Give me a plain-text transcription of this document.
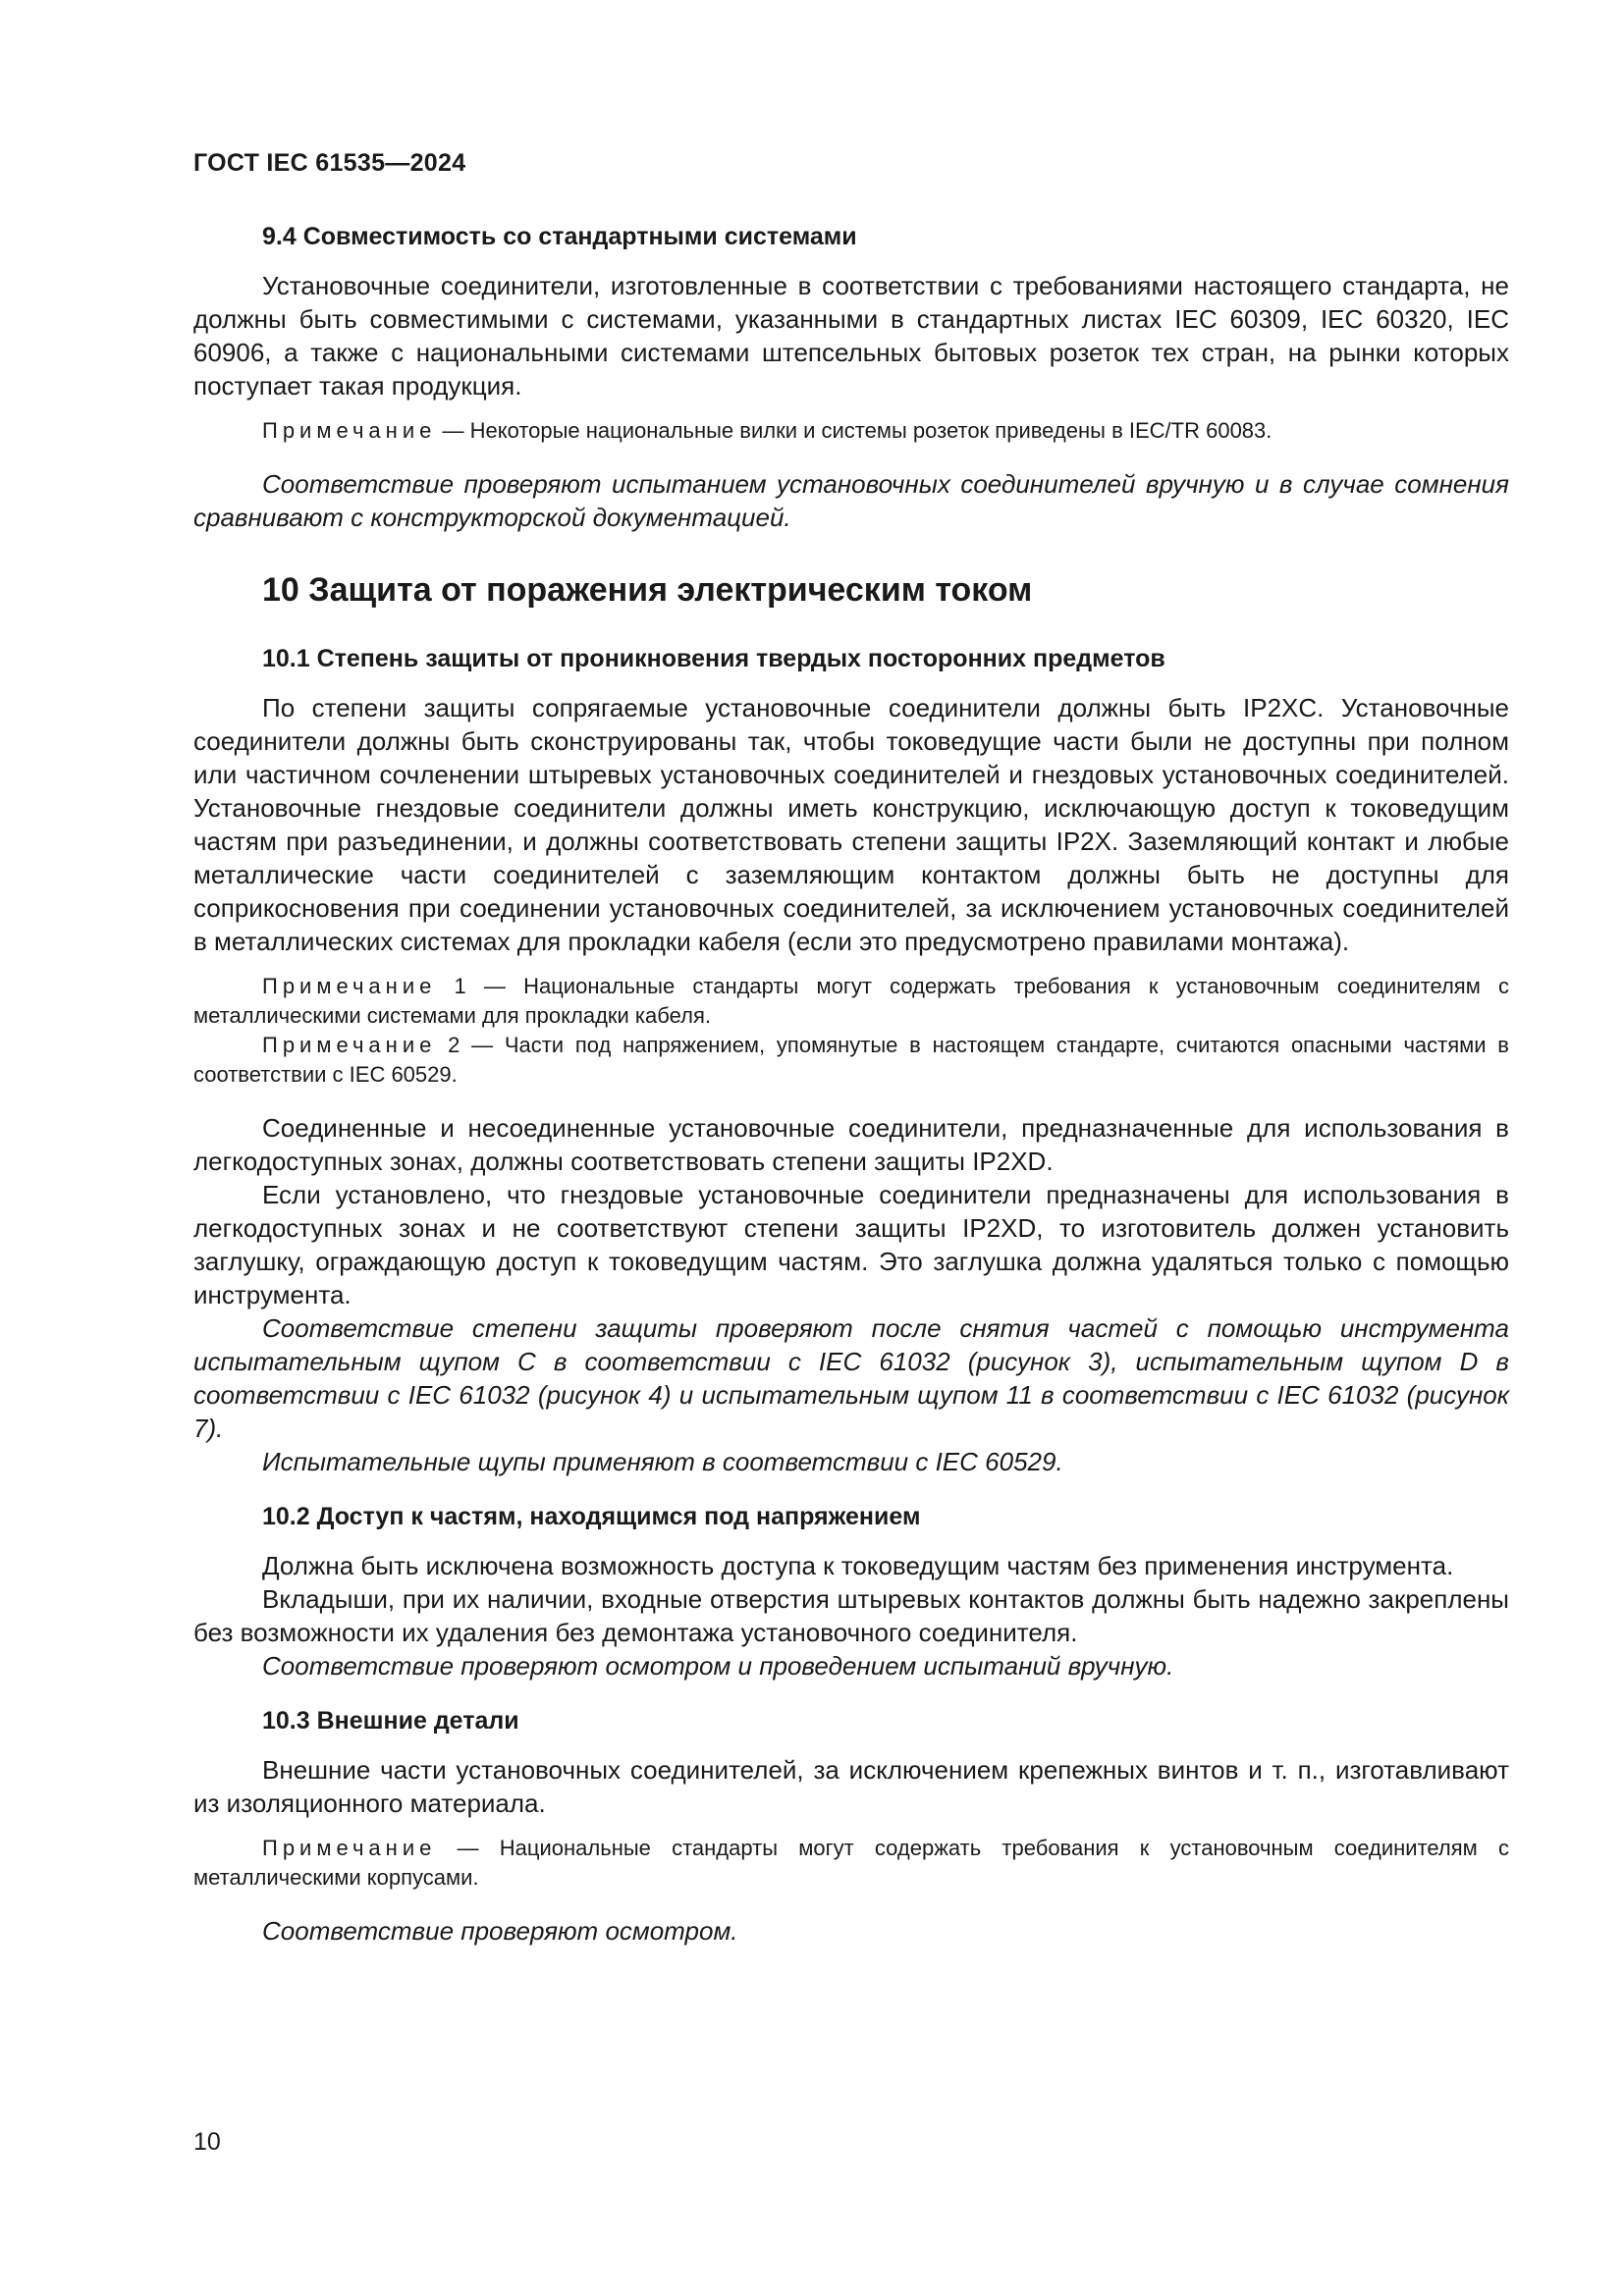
ГОСТ IEC 61535—2024
9.4 Совместимость со стандартными системами

Установочные соединители, изготовленные в соответствии с требованиями настоящего стандарта, не должны быть совместимыми с системами, указанными в стандартных листах IEC 60309, IEC 60320, IEC 60906, а также с национальными системами штепсельных бытовых розеток тех стран, на рынки которых поступает такая продукция.

Примечание — Некоторые национальные вилки и системы розеток приведены в IEC/TR 60083.

Соответствие проверяют испытанием установочных соединителей вручную и в случае сомнения сравнивают с конструкторской документацией.

10 Защита от поражения электрическим током
10.1 Степень защиты от проникновения твердых посторонних предметов

По степени защиты сопрягаемые установочные соединители должны быть IP2XC. Установочные соединители должны быть сконструированы так, чтобы токоведущие части были не доступны при полном или частичном сочленении штыревых установочных соединителей и гнездовых установочных соединителей. Установочные гнездовые соединители должны иметь конструкцию, исключающую доступ к токоведущим частям при разъединении, и должны соответствовать степени защиты IP2X. Заземляющий контакт и любые металлические части соединителей с заземляющим контактом должны быть не доступны для соприкосновения при соединении установочных соединителей, за исключением установочных соединителей в металлических системах для прокладки кабеля (если это предусмотрено правилами монтажа).

Примечание 1 — Национальные стандарты могут содержать требования к установочным соединителям с металлическими системами для прокладки кабеля.

Примечание 2 — Части под напряжением, упомянутые в настоящем стандарте, считаются опасными частями в соответствии с IEC 60529.

Соединенные и несоединенные установочные соединители, предназначенные для использования в легкодоступных зонах, должны соответствовать степени защиты IP2XD.

Если установлено, что гнездовые установочные соединители предназначены для использования в легкодоступных зонах и не соответствуют степени защиты IP2XD, то изготовитель должен установить заглушку, ограждающую доступ к токоведущим частям. Это заглушка должна удаляться только с помощью инструмента.

Соответствие степени защиты проверяют после снятия частей с помощью инструмента испытательным щупом C в соответствии с IEC 61032 (рисунок 3), испытательным щупом D в соответствии с IEC 61032 (рисунок 4) и испытательным щупом 11 в соответствии с IEC 61032 (рисунок 7).

Испытательные щупы применяют в соответствии с IEC 60529.

10.2 Доступ к частям, находящимся под напряжением

Должна быть исключена возможность доступа к токоведущим частям без применения инструмента.

Вкладыши, при их наличии, входные отверстия штыревых контактов должны быть надежно закреплены без возможности их удаления без демонтажа установочного соединителя.

Соответствие проверяют осмотром и проведением испытаний вручную.

10.3 Внешние детали

Внешние части установочных соединителей, за исключением крепежных винтов и т. п., изготавливают из изоляционного материала.

Примечание — Национальные стандарты могут содержать требования к установочным соединителям с металлическими корпусами.

Соответствие проверяют осмотром.

10
